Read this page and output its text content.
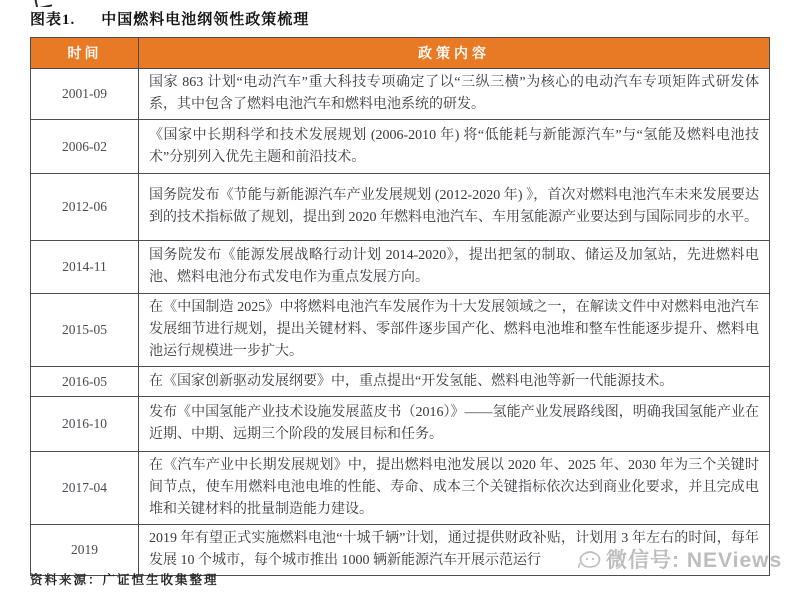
图表1. 中国燃料电池纲领性政策梳理
时间	政策内容
2001-09	国家 863 计划“电动汽车”重大科技专项确定了以“三纵三横”为核心的电动汽车专项矩阵式研发体系，其中包含了燃料电池汽车和燃料电池系统的研发。
2006-02	《国家中长期科学和技术发展规划 (2006-2010 年) 将“低能耗与新能源汽车”与“氢能及燃料电池技术”分别列入优先主题和前沿技术。
2012-06	国务院发布《节能与新能源汽车产业发展规划 (2012-2020 年) 》，首次对燃料电池汽车未来发展要达到的技术指标做了规划，提出到 2020 年燃料电池汽车、车用氢能源产业要达到与国际同步的水平。
2014-11	国务院发布《能源发展战略行动计划 2014-2020》，提出把氢的制取、储运及加氢站，先进燃料电池、燃料电池分布式发电作为重点发展方向。
2015-05	在《中国制造 2025》中将燃料电池汽车发展作为十大发展领域之一，在解读文件中对燃料电池汽车发展细节进行规划，提出关键材料、零部件逐步国产化、燃料电池堆和整车性能逐步提升、燃料电池运行规模进一步扩大。
2016-05	在《国家创新驱动发展纲要》中，重点提出“开发氢能、燃料电池等新一代能源技术。
2016-10	发布《中国氢能产业技术设施发展蓝皮书（2016）》——氢能产业发展路线图，明确我国氢能产业在近期、中期、远期三个阶段的发展目标和任务。
2017-04	在《汽车产业中长期发展规划》中，提出燃料电池发展以 2020 年、2025 年、2030 年为三个关键时间节点，使车用燃料电池电堆的性能、寿命、成本三个关键指标依次达到商业化要求，并且完成电堆和关键材料的批量制造能力建设。
2019	2019 年有望正式实施燃料电池“十城千辆”计划，通过提供财政补贴，计划用 3 年左右的时间，每年发展 10 个城市，每个城市推出 1000 辆新能源汽车开展示范运行
资料来源：广证恒生收集整理
微信号: NEViews
